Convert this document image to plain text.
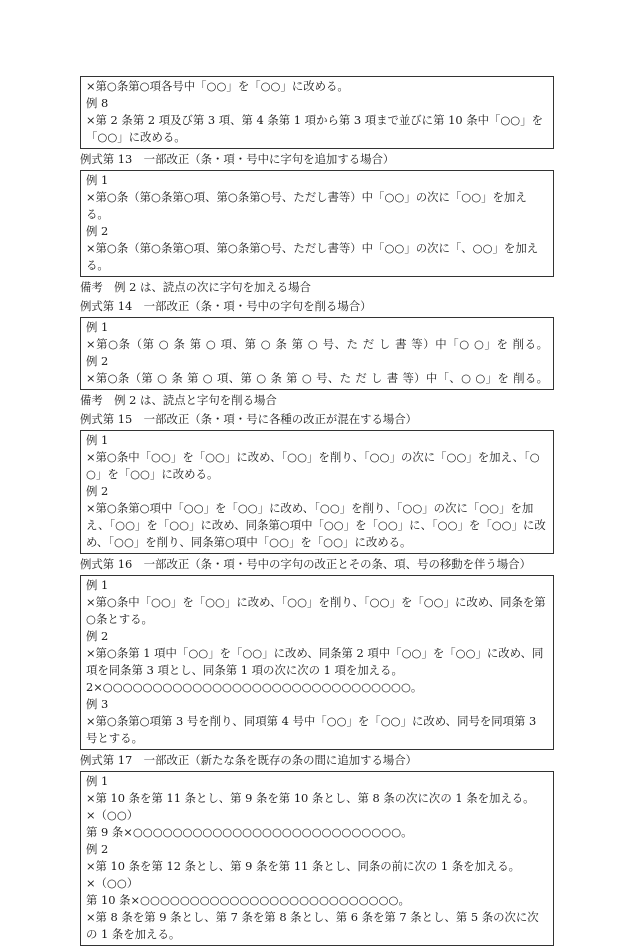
×第○条第○項各号中「○○」を「○○」に改める。
例 8
×第 2 条第 2 項及び第 3 項、第 4 条第 1 項から第 3 項まで並びに第 10 条中「○○」を「○○」に改める。
例式第 13　一部改正（条・項・号中に字句を追加する場合）
例 1
×第○条（第○条第○項、第○条第○号、ただし書等）中「○○」の次に「○○」を加える。
例 2
×第○条（第○条第○項、第○条第○号、ただし書等）中「○○」の次に「、○○」を加える。
備考　例 2 は、読点の次に字句を加える場合
例式第 14　一部改正（条・項・号中の字句を削る場合）
例 1
×第○条（第 ○ 条 第 ○ 項、第 ○ 条 第 ○ 号、た だ し 書 等）中「○ ○」を 削る。
例 2
×第○条（第 ○ 条 第 ○ 項、第 ○ 条 第 ○ 号、た だ し 書 等）中「、○ ○」を 削る。
備考　例 2 は、読点と字句を削る場合
例式第 15　一部改正（条・項・号に各種の改正が混在する場合）
例 1
×第○条中「○○」を「○○」に改め、「○○」を削り、「○○」の次に「○○」を加え、「○○」を「○○」に改める。
例 2
×第○条第○項中「○○」を「○○」に改め、「○○」を削り、「○○」の次に「○○」を加え、「○○」を「○○」に改め、同条第○項中「○○」を「○○」に、「○○」を「○○」に改め、「○○」を削り、同条第○項中「○○」を「○○」に改める。
例式第 16　一部改正（条・項・号中の字句の改正とその条、項、号の移動を伴う場合）
例 1
×第○条中「○○」を「○○」に改め、「○○」を削り、「○○」を「○○」に改め、同条を第○条とする。
例 2
×第○条第 1 項中「○○」を「○○」に改め、同条第 2 項中「○○」を「○○」に改め、同項を同条第 3 項とし、同条第 1 項の次に次の 1 項を加える。
2×○○○○○○○○○○○○○○○○○○○○○○○○○○○○○○○。
例 3
×第○条第○項第 3 号を削り、同項第 4 号中「○○」を「○○」に改め、同号を同項第 3 号とする。
例式第 17　一部改正（新たな条を既存の条の間に追加する場合）
例 1
×第 10 条を第 11 条とし、第 9 条を第 10 条とし、第 8 条の次に次の 1 条を加える。
×（○○）
第 9 条×○○○○○○○○○○○○○○○○○○○○○○○○○○○。
例 2
×第 10 条を第 12 条とし、第 9 条を第 11 条とし、同条の前に次の 1 条を加える。
×（○○）
第 10 条×○○○○○○○○○○○○○○○○○○○○○○○○○○。
×第 8 条を第 9 条とし、第 7 条を第 8 条とし、第 6 条を第 7 条とし、第 5 条の次に次の 1 条を加える。
